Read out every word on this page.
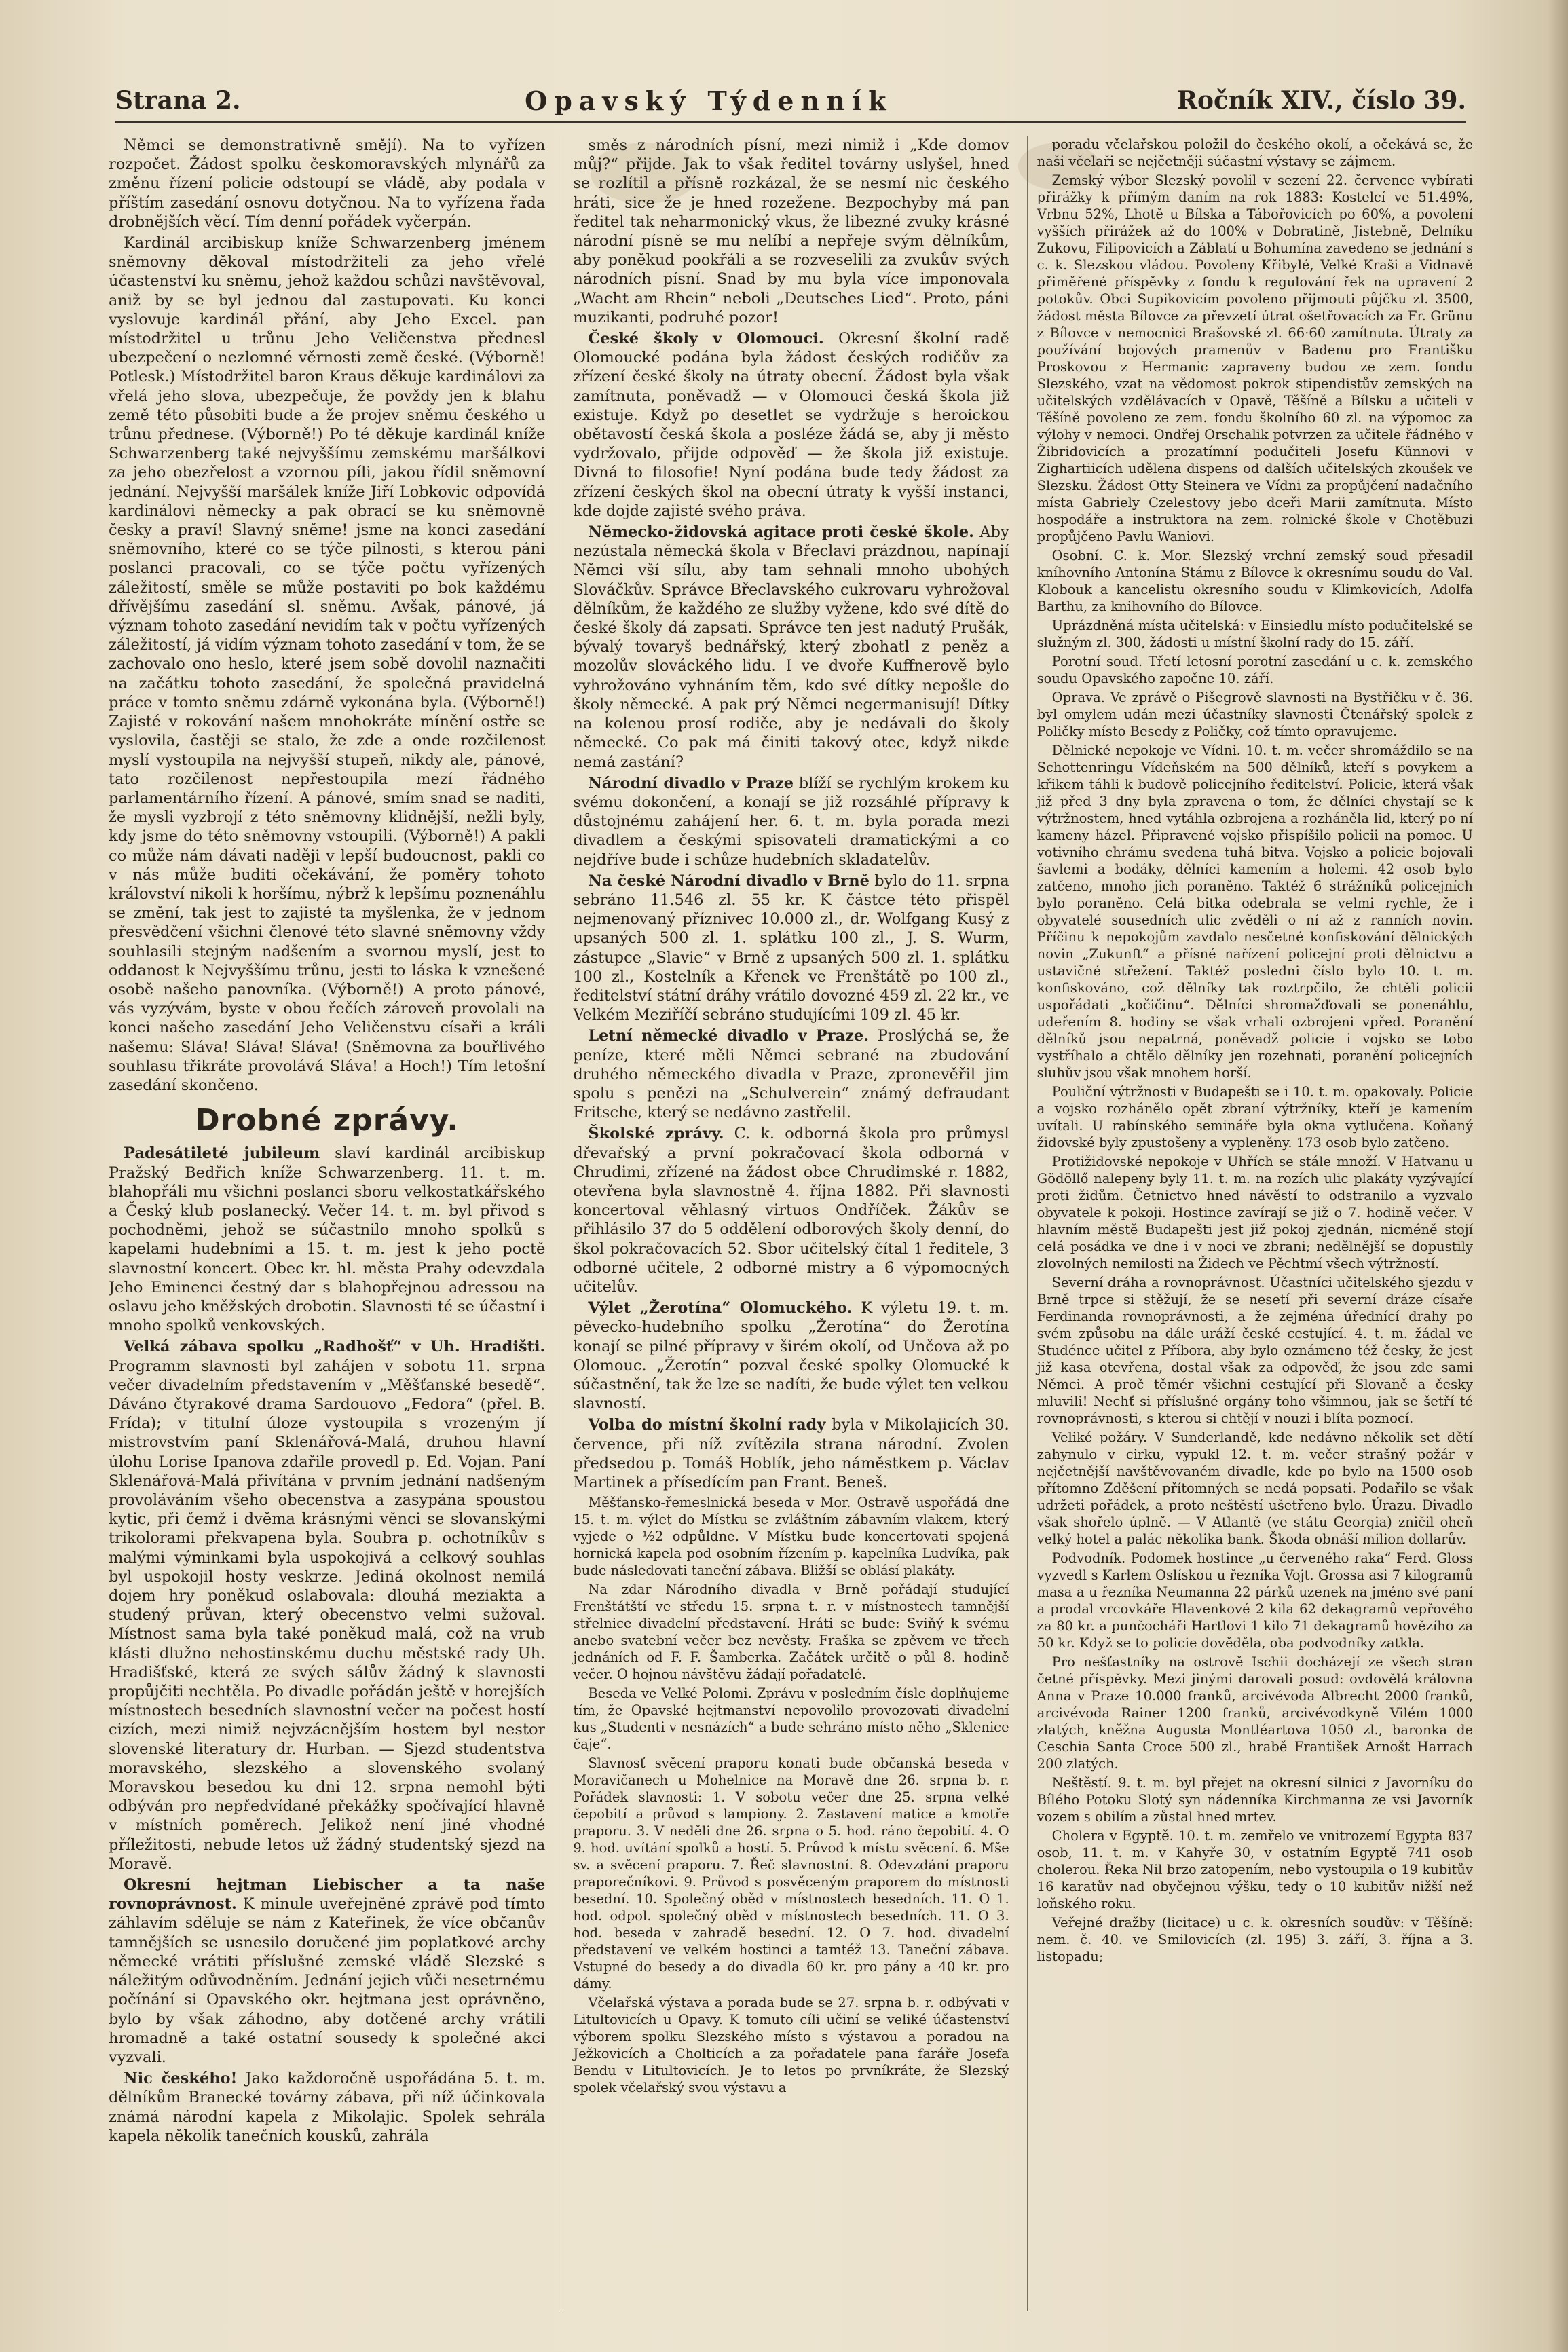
Strana 2.	Opavský Týdenník	Ročník XIV., číslo 39.

Němci se demonstrativně smějí). Na to vyřízen rozpočet. Žádost spolku českomoravských mlynářů za změnu řízení policie odstoupí se vládě, aby podala v příštím zasedání osnovu dotyčnou. Na to vyřízena řada drobnějších věcí. Tím denní pořádek vyčerpán.

Kardinál arcibiskup kníže Schwarzenberg jménem sněmovny děkoval místodržiteli za jeho vřelé účastenství ku sněmu, jehož každou schůzi navštěvoval, aniž by se byl jednou dal zastupovati. Ku konci vyslovuje kardinál přání, aby Jeho Excel. pan místodržitel u trůnu Jeho Veličenstva přednesl ubezpečení o nezlomné věrnosti země české. (Výborně! Potlesk.) Místodržitel baron Kraus děkuje kardinálovi za vřelá jeho slova, ubezpečuje, že povždy jen k blahu země této působiti bude a že projev sněmu českého u trůnu přednese. (Výborně!) Po té děkuje kardinál kníže Schwarzenberg také nejvyššímu zemskému maršálkovi za jeho obezřelost a vzornou píli, jakou řídil sněmovní jednání. Nejvyšší maršálek kníže Jiří Lobkovic odpovídá kardinálovi německy a pak obrací se ku sněmovně česky a praví! Slavný sněme! jsme na konci zasedání sněmovního, které co se týče pilnosti, s kterou páni poslanci pracovali, co se týče počtu vyřízených záležitostí, směle se může postaviti po bok každému dřívějšímu zasedání sl. sněmu. Avšak, pánové, já význam tohoto zasedání nevidím tak v počtu vyřízených záležitostí, já vidím význam tohoto zasedání v tom, že se zachovalo ono heslo, které jsem sobě dovolil naznačiti na začátku tohoto zasedání, že společná pravidelná práce v tomto sněmu zdárně vykonána byla. (Výborně!) Zajisté v rokování našem mnohokráte mínění ostře se vyslovila, častěji se stalo, že zde a onde rozčilenost myslí vystoupila na nejvyšší stupeň, nikdy ale, pánové, tato rozčilenost nepřestoupila mezí řádného parlamentárního řízení. A pánové, smím snad se naditi, že mysli vyzbrojí z této sněmovny klidnější, nežli byly, kdy jsme do této sněmovny vstoupili. (Výborně!) A pakli co může nám dávati naději v lepší budoucnost, pakli co v nás může buditi očekávání, že poměry tohoto království nikoli k horšímu, nýbrž k lepšímu poznenáhlu se změní, tak jest to zajisté ta myšlenka, že v jednom přesvědčení všichni členové této slavné sněmovny vždy souhlasili stejným nadšením a svornou myslí, jest to oddanost k Nejvyššímu trůnu, jesti to láska k vznešené osobě našeho panovníka. (Výborně!) A proto pánové, vás vyzývám, byste v obou řečích zároveň provolali na konci našeho zasedání Jeho Veličenstvu císaři a králi našemu: Sláva! Sláva! Sláva! (Sněmovna za bouřlivého souhlasu třikráte provolává Sláva! a Hoch!) Tím letošní zasedání skončeno.

Drobné zprávy.

Padesátileté jubileum slaví kardinál arcibiskup Pražský Bedřich kníže Schwarzenberg. 11. t. m. blahopřáli mu všichni poslanci sboru velkostatkářského a Český klub poslanecký. Večer 14. t. m. byl přivod s pochodněmi, jehož se súčastnilo mnoho spolků s kapelami hudebními a 15. t. m. jest k jeho poctě slavnostní koncert. Obec kr. hl. města Prahy odevzdala Jeho Eminenci čestný dar s blahopřejnou adressou na oslavu jeho kněžských drobotin. Slavnosti té se účastní i mnoho spolků venkovských.

Velká zábava spolku „Radhošť“ v Uh. Hradišti. Programm slavnosti byl zahájen v sobotu 11. srpna večer divadelním představením v „Měšťanské besedě“. Dáváno čtyrakové drama Sardouovo „Fedora“ (přel. B. Frída); v titulní úloze vystoupila s vrozeným jí mistrovstvím paní Sklenářová-Malá, druhou hlavní úlohu Lorise Ipanova zdařile provedl p. Ed. Vojan. Paní Sklenářová-Malá přivítána v prvním jednání nadšeným provoláváním všeho obecenstva a zasypána spoustou kytic, při čemž i dvěma krásnými věnci se slovanskými trikolorami překvapena byla. Soubra p. ochotníkův s malými výminkami byla uspokojivá a celkový souhlas byl uspokojil hosty veskrze. Jediná okolnost nemilá dojem hry poněkud oslabovala: dlouhá meziakta a studený průvan, který obecenstvo velmi sužoval. Místnost sama byla také poněkud malá, což na vrub klásti dlužno nehostinskému duchu městské rady Uh. Hradišťské, která ze svých sálův žádný k slavnosti propůjčiti nechtěla. Po divadle pořádán ještě v horejších místnostech besedních slavnostní večer na počest hostí cizích, mezi nimiž nejvzácnějším hostem byl nestor slovenské literatury dr. Hurban. — Sjezd studentstva moravského, slezského a slovenského svolaný Moravskou besedou ku dni 12. srpna nemohl býti odbýván pro nepředvídané překážky spočívající hlavně v místních poměrech. Jelikož není jiné vhodné příležitosti, nebude letos už žádný studentský sjezd na Moravě.

Okresní hejtman Liebischer a ta naše rovnoprávnost. K minule uveřejněné zprávě pod tímto záhlavím sděluje se nám z Kateřinek, že více občanův tamnějších se usnesilo doručené jim poplatkové archy německé vrátiti příslušné zemské vládě Slezské s náležitým odůvodněním. Jednání jejich vůči nesetrnému počínání si Opavského okr. hejtmana jest oprávněno, bylo by však záhodno, aby dotčené archy vrátili hromadně a také ostatní sousedy k společné akci vyzvali.

Nic českého! Jako každoročně uspořádána 5. t. m. dělníkům Branecké továrny zábava, při níž účinkovala známá národní kapela z Mikolajic. Spolek sehrála kapela několik tanečních kousků, zahrála

směs z národních písní, mezi nimiž i „Kde domov můj?“ přijde. Jak to však ředitel továrny uslyšel, hned se rozlítil a přísně rozkázal, že se nesmí nic českého hráti, sice že je hned rozežene. Bezpochyby má pan ředitel tak neharmonický vkus, že libezné zvuky krásné národní písně se mu nelíbí a nepřeje svým dělníkům, aby poněkud pookřáli a se rozveselili za zvukův svých národních písní. Snad by mu byla více imponovala „Wacht am Rhein“ neboli „Deutsches Lied“. Proto, páni muzikanti, podruhé pozor!

České školy v Olomouci. Okresní školní radě Olomoucké podána byla žádost českých rodičův za zřízení české školy na útraty obecní. Žádost byla však zamítnuta, poněvadž — v Olomouci česká škola již existuje. Když po desetlet se vydržuje s heroickou obětavostí česká škola a posléze žádá se, aby ji město vydržovalo, přijde odpověď — že škola již existuje. Divná to filosofie! Nyní podána bude tedy žádost za zřízení českých škol na obecní útraty k vyšší instanci, kde dojde zajisté svého práva.

Německo-židovská agitace proti české škole. Aby nezústala německá škola v Břeclavi prázdnou, napínají Němci vší sílu, aby tam sehnali mnoho ubohých Slováčkův. Správce Břeclavského cukrovaru vyhrožoval dělníkům, že každého ze služby vyžene, kdo své dítě do české školy dá zapsati. Správce ten jest nadutý Prušák, bývalý tovaryš bednářský, který zbohatl z peněz a mozolův slováckého lidu. I ve dvoře Kuffnerově bylo vyhrožováno vyhnáním těm, kdo své dítky nepošle do školy německé. A pak prý Němci negermanisují! Dítky na kolenou prosí rodiče, aby je nedávali do školy německé. Co pak má činiti takový otec, když nikde nemá zastání?

Národní divadlo v Praze blíží se rychlým krokem ku svému dokončení, a konají se již rozsáhlé přípravy k důstojnému zahájení her. 6. t. m. byla porada mezi divadlem a českými spisovateli dramatickými a co nejdříve bude i schůze hudebních skladatelův.

Na české Národní divadlo v Brně bylo do 11. srpna sebráno 11.546 zl. 55 kr. K částce této přispěl nejmenovaný příznivec 10.000 zl., dr. Wolfgang Kusý z upsaných 500 zl. 1. splátku 100 zl., J. S. Wurm, zástupce „Slavie“ v Brně z upsaných 500 zl. 1. splátku 100 zl., Kostelník a Křenek ve Frenštátě po 100 zl., ředitelství státní dráhy vrátilo dovozné 459 zl. 22 kr., ve Velkém Meziříčí sebráno studujícími 109 zl. 45 kr.

Letní německé divadlo v Praze. Proslýchá se, že peníze, které měli Němci sebrané na zbudování druhého německého divadla v Praze, zpronevěřil jim spolu s penězi na „Schulverein“ známý defraudant Fritsche, který se nedávno zastřelil.

Školské zprávy. C. k. odborná škola pro průmysl dřevařský a první pokračovací škola odborná v Chrudimi, zřízené na žádost obce Chrudimské r. 1882, otevřena byla slavnostně 4. října 1882. Při slavnosti koncertoval věhlasný virtuos Ondříček. Žákův se přihlásilo 37 do 5 oddělení odborových školy denní, do škol pokračovacích 52. Sbor učitelský čítal 1 ředitele, 3 odborné učitele, 2 odborné mistry a 6 výpomocných učitelův.

Výlet „Žerotína“ Olomuckého. K výletu 19. t. m. pěvecko-hudebního spolku „Žerotína“ do Žerotína konají se pilné přípravy v širém okolí, od Unčova až po Olomouc. „Žerotín“ pozval české spolky Olomucké k súčastnění, tak že lze se nadíti, že bude výlet ten velkou slavností.

Volba do místní školní rady byla v Mikolajicích 30. července, při níž zvítězila strana národní. Zvolen předsedou p. Tomáš Hoblík, jeho náměstkem p. Václav Martinek a přísedícím pan Frant. Beneš.

Měšťansko-řemeslnická beseda v Mor. Ostravě uspořádá dne 15. t. m. výlet do Místku se zvláštním zábavním vlakem, který vyjede o ½2 odpůldne. V Místku bude koncertovati spojená hornická kapela pod osobním řízením p. kapelníka Ludvíka, pak bude následovati taneční zábava. Bližší se oblásí plakáty.

Na zdar Národního divadla v Brně pořádají studující Frenštátští ve středu 15. srpna t. r. v místnostech tamnější střelnice divadelní představení. Hráti se bude: Sviňý k svému anebo svatební večer bez nevěsty. Fraška se zpěvem ve třech jednáních od F. F. Šamberka. Začátek určitě o půl 8. hodině večer. O hojnou návštěvu žádají pořadatelé.

Beseda ve Velké Polomi. Zprávu v posledním čísle doplňujeme tím, že Opavské hejtmanství nepovolilo provozovati divadelní kus „Studenti v nesnázích“ a bude sehráno místo něho „Sklenice čaje“.

Slavnosť svěcení praporu konati bude občanská beseda v Moravičanech u Mohelnice na Moravě dne 26. srpna b. r. Pořádek slavnosti: 1. V sobotu večer dne 25. srpna velké čepobití a průvod s lampiony. 2. Zastavení matice a kmotře praporu. 3. V neděli dne 26. srpna o 5. hod. ráno čepobití. 4. O 9. hod. uvítání spolků a hostí. 5. Průvod k místu svěcení. 6. Mše sv. a svěcení praporu. 7. Řeč slavnostní. 8. Odevzdání praporu praporečníkovi. 9. Průvod s posvěceným praporem do místnosti besední. 10. Společný oběd v místnostech besedních. 11. O 1. hod. odpol. společný oběd v místnostech besedních. 11. O 3. hod. beseda v zahradě besední. 12. O 7. hod. divadelní představení ve velkém hostinci a tamtéž 13. Taneční zábava. Vstupné do besedy a do divadla 60 kr. pro pány a 40 kr. pro dámy.

Včelařská výstava a porada bude se 27. srpna b. r. odbývati v Litultovicích u Opavy. K tomuto cíli učiní se veliké účastenství výborem spolku Slezského místo s výstavou a poradou na Ježkovicích a Cholticích a za pořadatele pana faráře Josefa Bendu v Litultovicích. Je to letos po prvníkráte, že Slezský spolek včelařský svou výstavu a

poradu včelařskou položil do českého okolí, a očekává se, že naši včelaři se nejčetněji súčastní výstavy se zájmem.

Zemský výbor Slezský povolil v sezení 22. července vybírati přirážky k přímým daním na rok 1883: Kostelcí ve 51.49%, Vrbnu 52%, Lhotě u Bílska a Tábořovicích po 60%, a povolení vyšších přirážek až do 100% v Dobratině, Jistebně, Delníku Zukovu, Filipovicích a Záblatí u Bohumína zavedeno se jednání s c. k. Slezskou vládou. Povoleny Křibylé, Velké Kraši a Vidnavě přiměřené příspěvky z fondu k regulování řek na upravení 2 potokův. Obci Supikovicím povoleno přijmouti půjčku zl. 3500, žádost města Bílovce za převzetí útrat ošetřovacích za Fr. Grünu z Bílovce v nemocnici Brašovské zl. 66·60 zamítnuta. Útraty za používání bojových pramenův v Badenu pro Františku Proskovou z Hermanic zapraveny budou ze zem. fondu Slezského, vzat na vědomost pokrok stipendistův zemských na učitelských vzdělávacích v Opavě, Těšíně a Bílsku a učiteli v Těšíně povoleno ze zem. fondu školního 60 zl. na výpomoc za výlohy v nemoci. Ondřej Orschalik potvrzen za učitele řádného v Žibridovicích a prozatímní podučiteli Josefu Künnovi v Zighartiicích udělena dispens od dalších učitelských zkoušek ve Slezsku. Žádost Otty Steinera ve Vídni za propůjčení nadačního místa Gabriely Czelestovy jebo dceři Marii zamítnuta. Místo hospodáře a instruktora na zem. rolnické škole v Chotěbuzi propůjčeno Pavlu Waniovi.

Osobní. C. k. Mor. Slezský vrchní zemský soud přesadil kníhovního Antonína Stámu z Bílovce k okresnímu soudu do Val. Klobouk a kancelistu okresního soudu v Klimkovicích, Adolfa Barthu, za knihovního do Bílovce.

Uprázdněná místa učitelská: v Einsiedlu místo podučitelské se služným zl. 300, žádosti u místní školní rady do 15. září.

Porotní soud. Třetí letosní porotní zasedání u c. k. zemského soudu Opavského započne 10. září.

Oprava. Ve zprávě o Pišegrově slavnosti na Bystřičku v č. 36. byl omylem udán mezi účastníky slavnosti Čtenářský spolek z Poličky místo Besedy z Poličky, což tímto opravujeme.

Dělnické nepokoje ve Vídni. 10. t. m. večer shromáždilo se na Schottenringu Vídeňském na 500 dělníků, kteří s povykem a křikem táhli k budově policejního ředitelství. Policie, která však již před 3 dny byla zpravena o tom, že dělníci chystají se k výtržnostem, hned vytáhla ozbrojena a rozháněla lid, který po ní kameny házel. Připravené vojsko přispíšilo policii na pomoc. U votivního chrámu svedena tuhá bitva. Vojsko a policie bojovali šavlemi a bodáky, dělníci kamením a holemi. 42 osob bylo zatčeno, mnoho jich poraněno. Taktéž 6 strážníků policejních bylo poraněno. Celá bitka odebrala se velmi rychle, že i obyvatelé sousedních ulic zvěděli o ní až z ranních novin. Příčinu k nepokojům zavdalo nesčetné konfiskování dělnických novin „Zukunft“ a přísné nařízení policejní proti dělnictvu a ustavičné střežení. Taktéž posledni číslo bylo 10. t. m. konfiskováno, což dělníky tak roztrpčilo, že chtěli policii uspořádati „kočičinu“. Dělníci shromažďovali se ponenáhlu, udeřením 8. hodiny se však vrhali ozbrojeni vpřed. Poranění dělníků jsou nepatrná, poněvadž policie i vojsko se tobo vystříhalo a chtělo dělníky jen rozehnati, poranění policejních sluhův jsou však mnohem horší.

Pouliční výtržnosti v Budapešti se i 10. t. m. opakovaly. Policie a vojsko rozhánělo opět zbraní výtržníky, kteří je kamením uvítali. U rabínského semináře byla okna vytlučena. Koňaný židovské byly zpustošeny a vypleněny. 173 osob bylo zatčeno.

Protižidovské nepokoje v Uhřích se stále množí. V Hatvanu u Gödöllő nalepeny byly 11. t. m. na rozích ulic plakáty vyzývající proti židům. Četnictvo hned návěstí to odstranilo a vyzvalo obyvatele k pokoji. Hostince zavírají se již o 7. hodině večer. V hlavním městě Budapešti jest již pokoj zjednán, nicméně stojí celá posádka ve dne i v noci ve zbrani; nedělnější se dopustily zlovolných nemilosti na Židech ve Pěchtmí všech výtržností.

Severní dráha a rovnoprávnost. Účastníci učitelského sjezdu v Brně trpce si stěžují, že se nesetí při severní dráze císaře Ferdinanda rovnoprávnosti, a že zejména úřednící drahy po svém způsobu na dále uráží české cestující. 4. t. m. žádal ve Studénce učitel z Příbora, aby bylo oznámeno též česky, že jest již kasa otevřena, dostal však za odpověď, že jsou zde sami Němci. A proč těmér všichni cestující při Slovaně a česky mluvili! Nechť si příslušné orgány toho všimnou, jak se šetří té rovnoprávnosti, s kterou si chtějí v nouzi i blíta poznocí.

Veliké požáry. V Sunderlandě, kde nedávno několik set dětí zahynulo v cirku, vypukl 12. t. m. večer strašný požár v nejčetnější navštěvovaném divadle, kde po bylo na 1500 osob přítomno Zděšení přítomných se nedá popsati. Podařilo se však udržeti pořádek, a proto neštěstí ušetřeno bylo. Úrazu. Divadlo však shořelo úplně. — V Atlantě (ve státu Georgia) zničil oheň velký hotel a palác několika bank. Škoda obnáší milion dollarův.

Podvodník. Podomek hostince „u červeného raka“ Ferd. Gloss vyzvedl s Karlem Oslískou u řezníka Vojt. Grossa asi 7 kilogramů masa a u řezníka Neumanna 22 párků uzenek na jméno své paní a prodal vrcovkáře Hlavenkové 2 kila 62 dekagramů vepřového za 80 kr. a punčocháři Hartlovi 1 kilo 71 dekagramů hovězího za 50 kr. Když se to policie dověděla, oba podvodníky zatkla.

Pro nešťastníky na ostrově Ischii docházejí ze všech stran četné příspěvky. Mezi jinými darovali posud: ovdovělá královna Anna v Praze 10.000 franků, arcivévoda Albrecht 2000 franků, arcivévoda Rainer 1200 franků, arcivévodkyně Vilém 1000 zlatých, kněžna Augusta Montléartova 1050 zl., baronka de Ceschia Santa Croce 500 zl., hrabě František Arnošt Harrach 200 zlatých.

Neštěstí. 9. t. m. byl přejet na okresní silnici z Javorníku do Bílého Potoku Slotý syn nádenníka Kirchmanna ze vsi Javorník vozem s obilím a zůstal hned mrtev.

Cholera v Egyptě. 10. t. m. zemřelo ve vnitrozemí Egypta 837 osob, 11. t. m. v Kahyře 30, v ostatním Egyptě 741 osob cholerou. Řeka Nil brzo zatopením, nebo vystoupila o 19 kubitův 16 karatův nad obyčejnou výšku, tedy o 10 kubitův nižší než loňského roku.

Veřejné dražby (licitace) u c. k. okresních soudův: v Těšíně: nem. č. 40. ve Smilovicích (zl. 195) 3. září, 3. října a 3. listopadu;
